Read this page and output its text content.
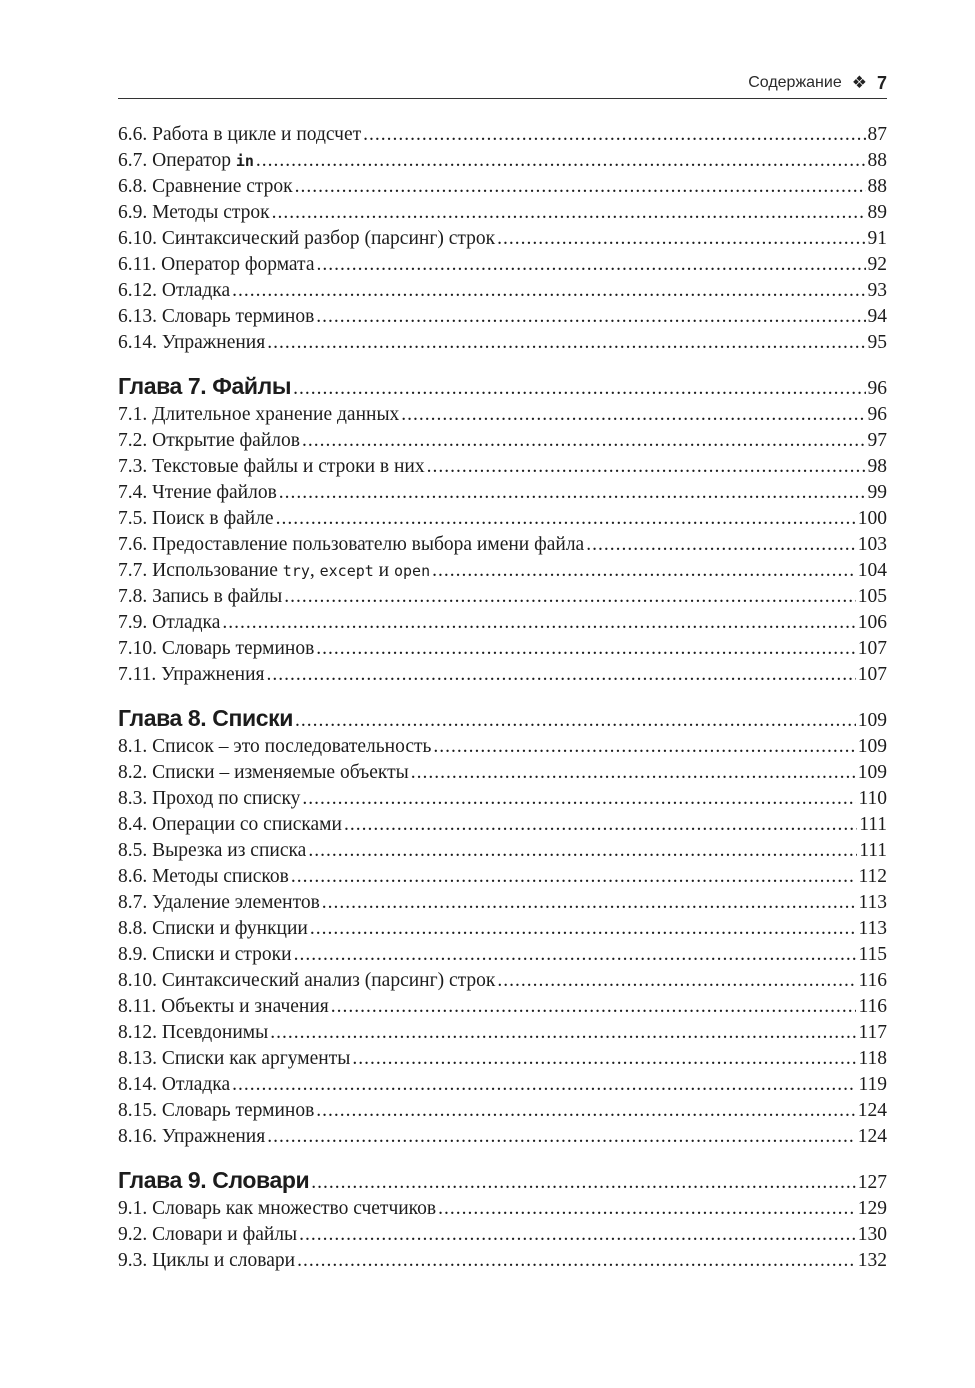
Содержание ❖ 7
6.6. Работа в цикле и подсчет .....	87
6.7. Оператор in .....	88
6.8. Сравнение строк .....	88
6.9. Методы строк .....	89
6.10. Синтаксический разбор (парсинг) строк .....	91
6.11. Оператор формата .....	92
6.12. Отладка .....	93
6.13. Словарь терминов .....	94
6.14. Упражнения .....	95
Глава 7. Файлы .....	96
7.1. Длительное хранение данных .....	96
7.2. Открытие файлов .....	97
7.3. Текстовые файлы и строки в них .....	98
7.4. Чтение файлов .....	99
7.5. Поиск в файле .....	100
7.6. Предоставление пользователю выбора имени файла .....	103
7.7. Использование try, except и open .....	104
7.8. Запись в файлы .....	105
7.9. Отладка .....	106
7.10. Словарь терминов .....	107
7.11. Упражнения .....	107
Глава 8. Списки .....	109
8.1. Список – это последовательность .....	109
8.2. Списки – изменяемые объекты .....	109
8.3. Проход по списку .....	110
8.4. Операции со списками .....	111
8.5. Вырезка из списка .....	111
8.6. Методы списков .....	112
8.7. Удаление элементов .....	113
8.8. Списки и функции .....	113
8.9. Списки и строки .....	115
8.10. Синтаксический анализ (парсинг) строк .....	116
8.11. Объекты и значения .....	116
8.12. Псевдонимы .....	117
8.13. Списки как аргументы .....	118
8.14. Отладка .....	119
8.15. Словарь терминов .....	124
8.16. Упражнения .....	124
Глава 9. Словари .....	127
9.1. Словарь как множество счетчиков .....	129
9.2. Словари и файлы .....	130
9.3. Циклы и словари .....	132
